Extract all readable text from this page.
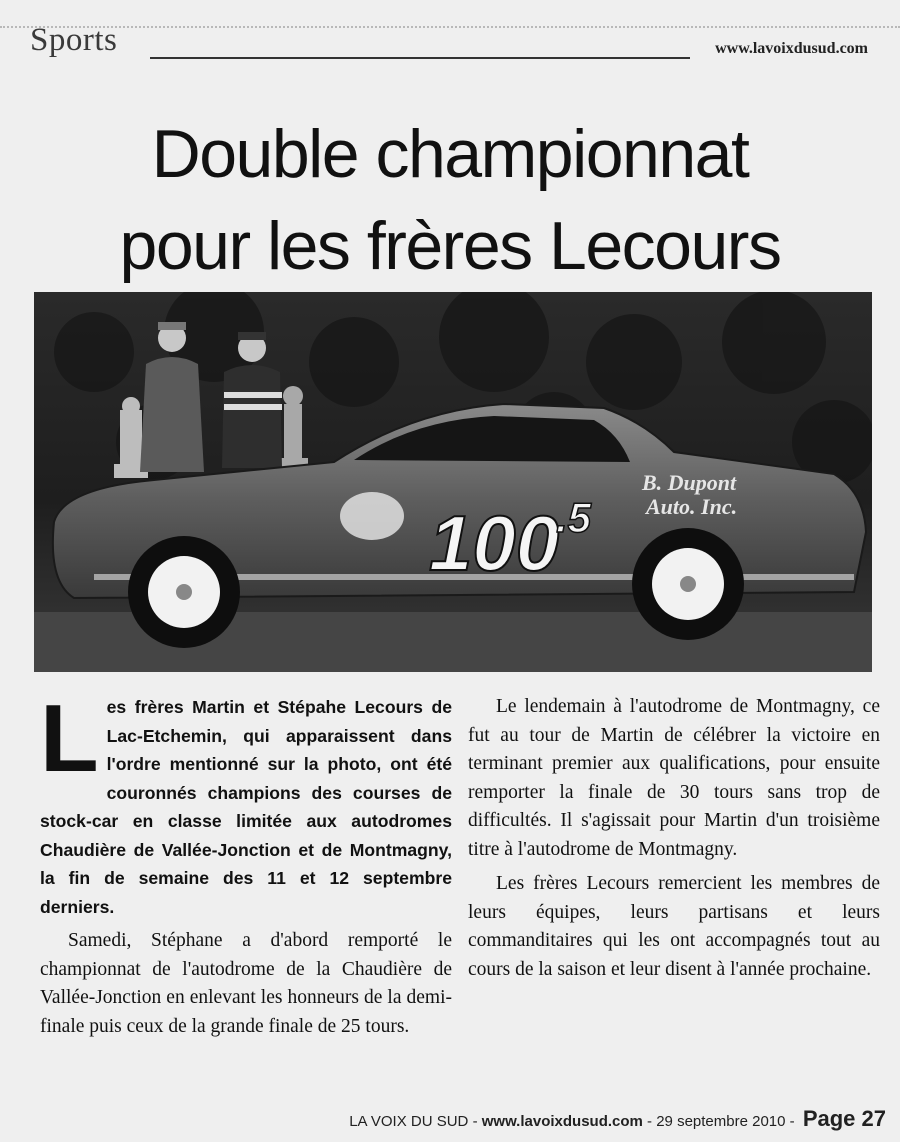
Sports	www.lavoixdusud.com
Double championnat
pour les frères Lecours
100
.5
B. Dupont
Auto. Inc.
L es frères Martin et Stépahe Lecours de Lac-Etchemin, qui apparaissent dans l'ordre mentionné sur la photo, ont été couronnés champions des courses de stock-car en classe limitée aux autodromes Chaudière de Vallée-Jonction et de Montmagny, la fin de semaine des 11 et 12 septembre derniers.

Samedi, Stéphane a d'abord remporté le championnat de l'autodrome de la Chaudière de Vallée-Jonction en enlevant les honneurs de la demi-finale puis ceux de la grande finale de 25 tours.

Le lendemain à l'autodrome de Montmagny, ce fut au tour de Martin de célébrer la victoire en terminant premier aux qualifications, pour ensuite remporter la finale de 30 tours sans trop de difficultés. Il s'agissait pour Martin d'un troisième titre à l'autodrome de Montmagny.

Les frères Lecours remercient les membres de leurs équipes, leurs partisans et leurs commanditaires qui les ont accompagnés tout au cours de la saison et leur disent à l'année prochaine.

LA VOIX DU SUD - www.lavoixdusud.com - 29 septembre 2010 - Page 27
